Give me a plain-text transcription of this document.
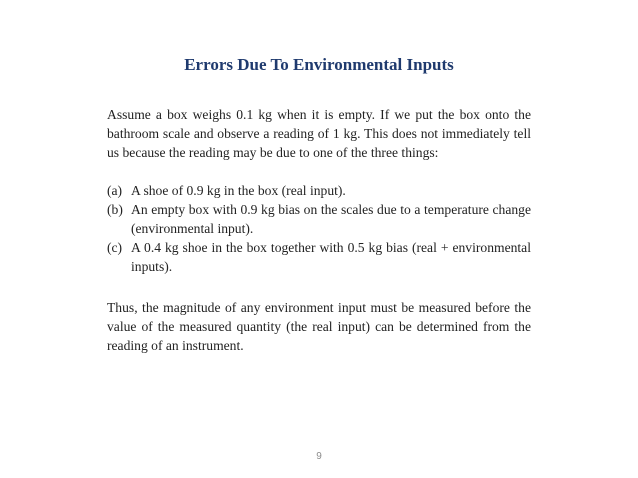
Errors Due To Environmental Inputs
Assume a box weighs 0.1 kg when it is empty. If we put the box onto the bathroom scale and observe a reading of 1 kg. This does not immediately tell us because the reading may be due to one of the three things:
(a) A shoe of 0.9 kg in the box (real input).
(b) An empty box with 0.9 kg bias on the scales due to a temperature change (environmental input).
(c) A 0.4 kg shoe in the box together with 0.5 kg bias (real + environmental inputs).
Thus, the magnitude of any environment input must be measured before the value of the measured quantity (the real input) can be determined from the reading of an instrument.
9
